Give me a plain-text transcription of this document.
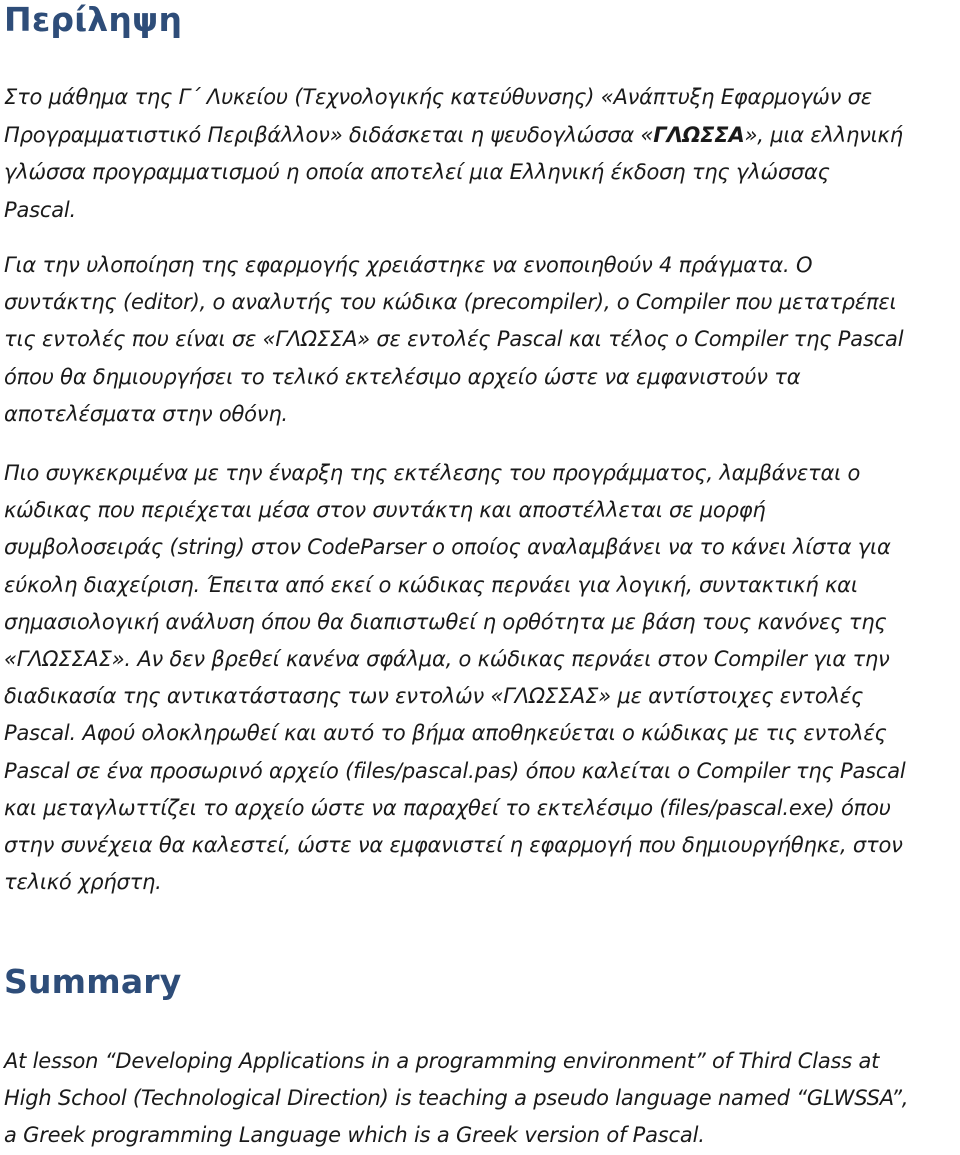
Περίληψη

Στο μάθημα της Γ΄ Λυκείου (Τεχνολογικής κατεύθυνσης) «Ανάπτυξη Εφαρμογών σε
Προγραμματιστικό Περιβάλλον» διδάσκεται η ψευδογλώσσα «ΓΛΩΣΣΑ», μια ελληνική
γλώσσα προγραμματισμού η οποία αποτελεί μια Ελληνική έκδοση της γλώσσας
Pascal.

Για την υλοποίηση της εφαρμογής χρειάστηκε να ενοποιηθούν 4 πράγματα. Ο
συντάκτης (editor), ο αναλυτής του κώδικα (precompiler), ο Compiler που μετατρέπει
τις εντολές που είναι σε «ΓΛΩΣΣΑ» σε εντολές Pascal και τέλος ο Compiler της Pascal
όπου θα δημιουργήσει το τελικό εκτελέσιμο αρχείο ώστε να εμφανιστούν τα
αποτελέσματα στην οθόνη.

Πιο συγκεκριμένα με την έναρξη της εκτέλεσης του προγράμματος, λαμβάνεται ο
κώδικας που περιέχεται μέσα στον συντάκτη και αποστέλλεται σε μορφή
συμβολοσειράς (string) στον CodeParser ο οποίος αναλαμβάνει να το κάνει λίστα για
εύκολη διαχείριση. Έπειτα από εκεί ο κώδικας περνάει για λογική, συντακτική και
σημασιολογική ανάλυση όπου θα διαπιστωθεί η ορθότητα με βάση τους κανόνες της
«ΓΛΩΣΣΑΣ». Αν δεν βρεθεί κανένα σφάλμα, ο κώδικας περνάει στον Compiler για την
διαδικασία της αντικατάστασης των εντολών «ΓΛΩΣΣΑΣ» με αντίστοιχες εντολές
Pascal. Αφού ολοκληρωθεί και αυτό το βήμα αποθηκεύεται ο κώδικας με τις εντολές
Pascal σε ένα προσωρινό αρχείο (files/pascal.pas) όπου καλείται ο Compiler της Pascal
και μεταγλωττίζει το αρχείο ώστε να παραχθεί το εκτελέσιμο (files/pascal.exe) όπου
στην συνέχεια θα καλεστεί, ώστε να εμφανιστεί η εφαρμογή που δημιουργήθηκε, στον
τελικό χρήστη.

Summary

At lesson “Developing Applications in a programming environment” of Third Class at
High School (Technological Direction) is teaching a pseudo language named “GLWSSA”,
a Greek programming Language which is a Greek version of Pascal.
